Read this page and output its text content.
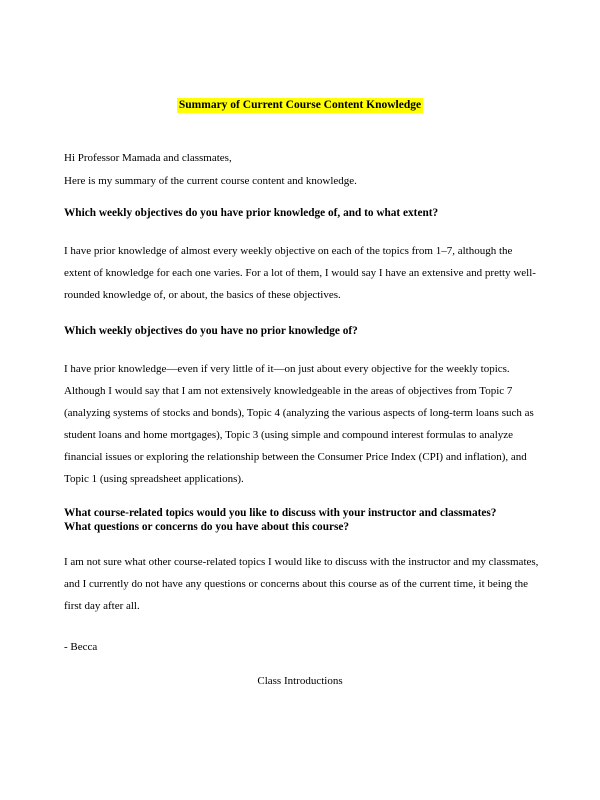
Summary of Current Course Content Knowledge
Hi Professor Mamada and classmates,
Here is my summary of the current course content and knowledge.
Which weekly objectives do you have prior knowledge of, and to what extent?
I have prior knowledge of almost every weekly objective on each of the topics from 1–7, although the extent of knowledge for each one varies. For a lot of them, I would say I have an extensive and pretty well-rounded knowledge of, or about, the basics of these objectives.
Which weekly objectives do you have no prior knowledge of?
I have prior knowledge—even if very little of it—on just about every objective for the weekly topics. Although I would say that I am not extensively knowledgeable in the areas of objectives from Topic 7 (analyzing systems of stocks and bonds), Topic 4 (analyzing the various aspects of long-term loans such as student loans and home mortgages), Topic 3 (using simple and compound interest formulas to analyze financial issues or exploring the relationship between the Consumer Price Index (CPI) and inflation), and Topic 1 (using spreadsheet applications).
What course-related topics would you like to discuss with your instructor and classmates?
What questions or concerns do you have about this course?
I am not sure what other course-related topics I would like to discuss with the instructor and my classmates, and I currently do not have any questions or concerns about this course as of the current time, it being the first day after all.
- Becca
Class Introductions
